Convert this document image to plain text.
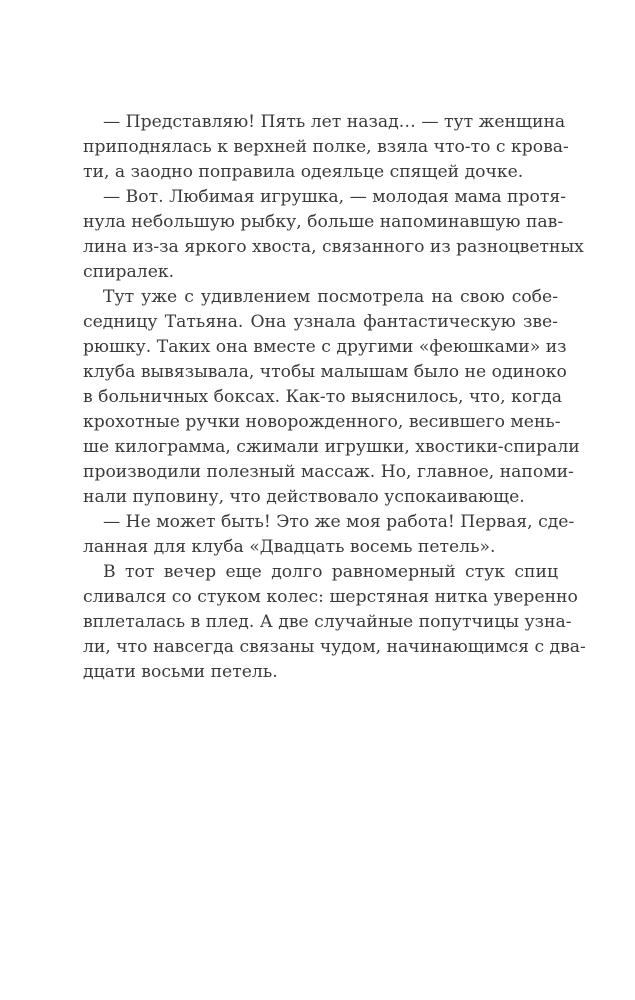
— Представляю! Пять лет назад… — тут женщина
приподнялась к верхней полке, взяла что-то с крова-
ти, а заодно поправила одеяльце спящей дочке.
— Вот. Любимая игрушка, — молодая мама протя-
нула небольшую рыбку, больше напоминавшую пав-
лина из-за яркого хвоста, связанного из разноцветных
спиралек.
Тут уже с удивлением посмотрела на свою собе-
седницу Татьяна. Она узнала фантастическую зве-
рюшку. Таких она вместе с другими «феюшками» из
клуба вывязывала, чтобы малышам было не одиноко
в больничных боксах. Как-то выяснилось, что, когда
крохотные ручки новорожденного, весившего мень-
ше килограмма, сжимали игрушки, хвостики-спирали
производили полезный массаж. Но, главное, напоми-
нали пуповину, что действовало успокаивающе.
— Не может быть! Это же моя работа! Первая, сде-
ланная для клуба «Двадцать восемь петель».
В тот вечер еще долго равномерный стук спиц
сливался со стуком колес: шерстяная нитка уверенно
вплеталась в плед. А две случайные попутчицы узна-
ли, что навсегда связаны чудом, начинающимся с два-
дцати восьми петель.
